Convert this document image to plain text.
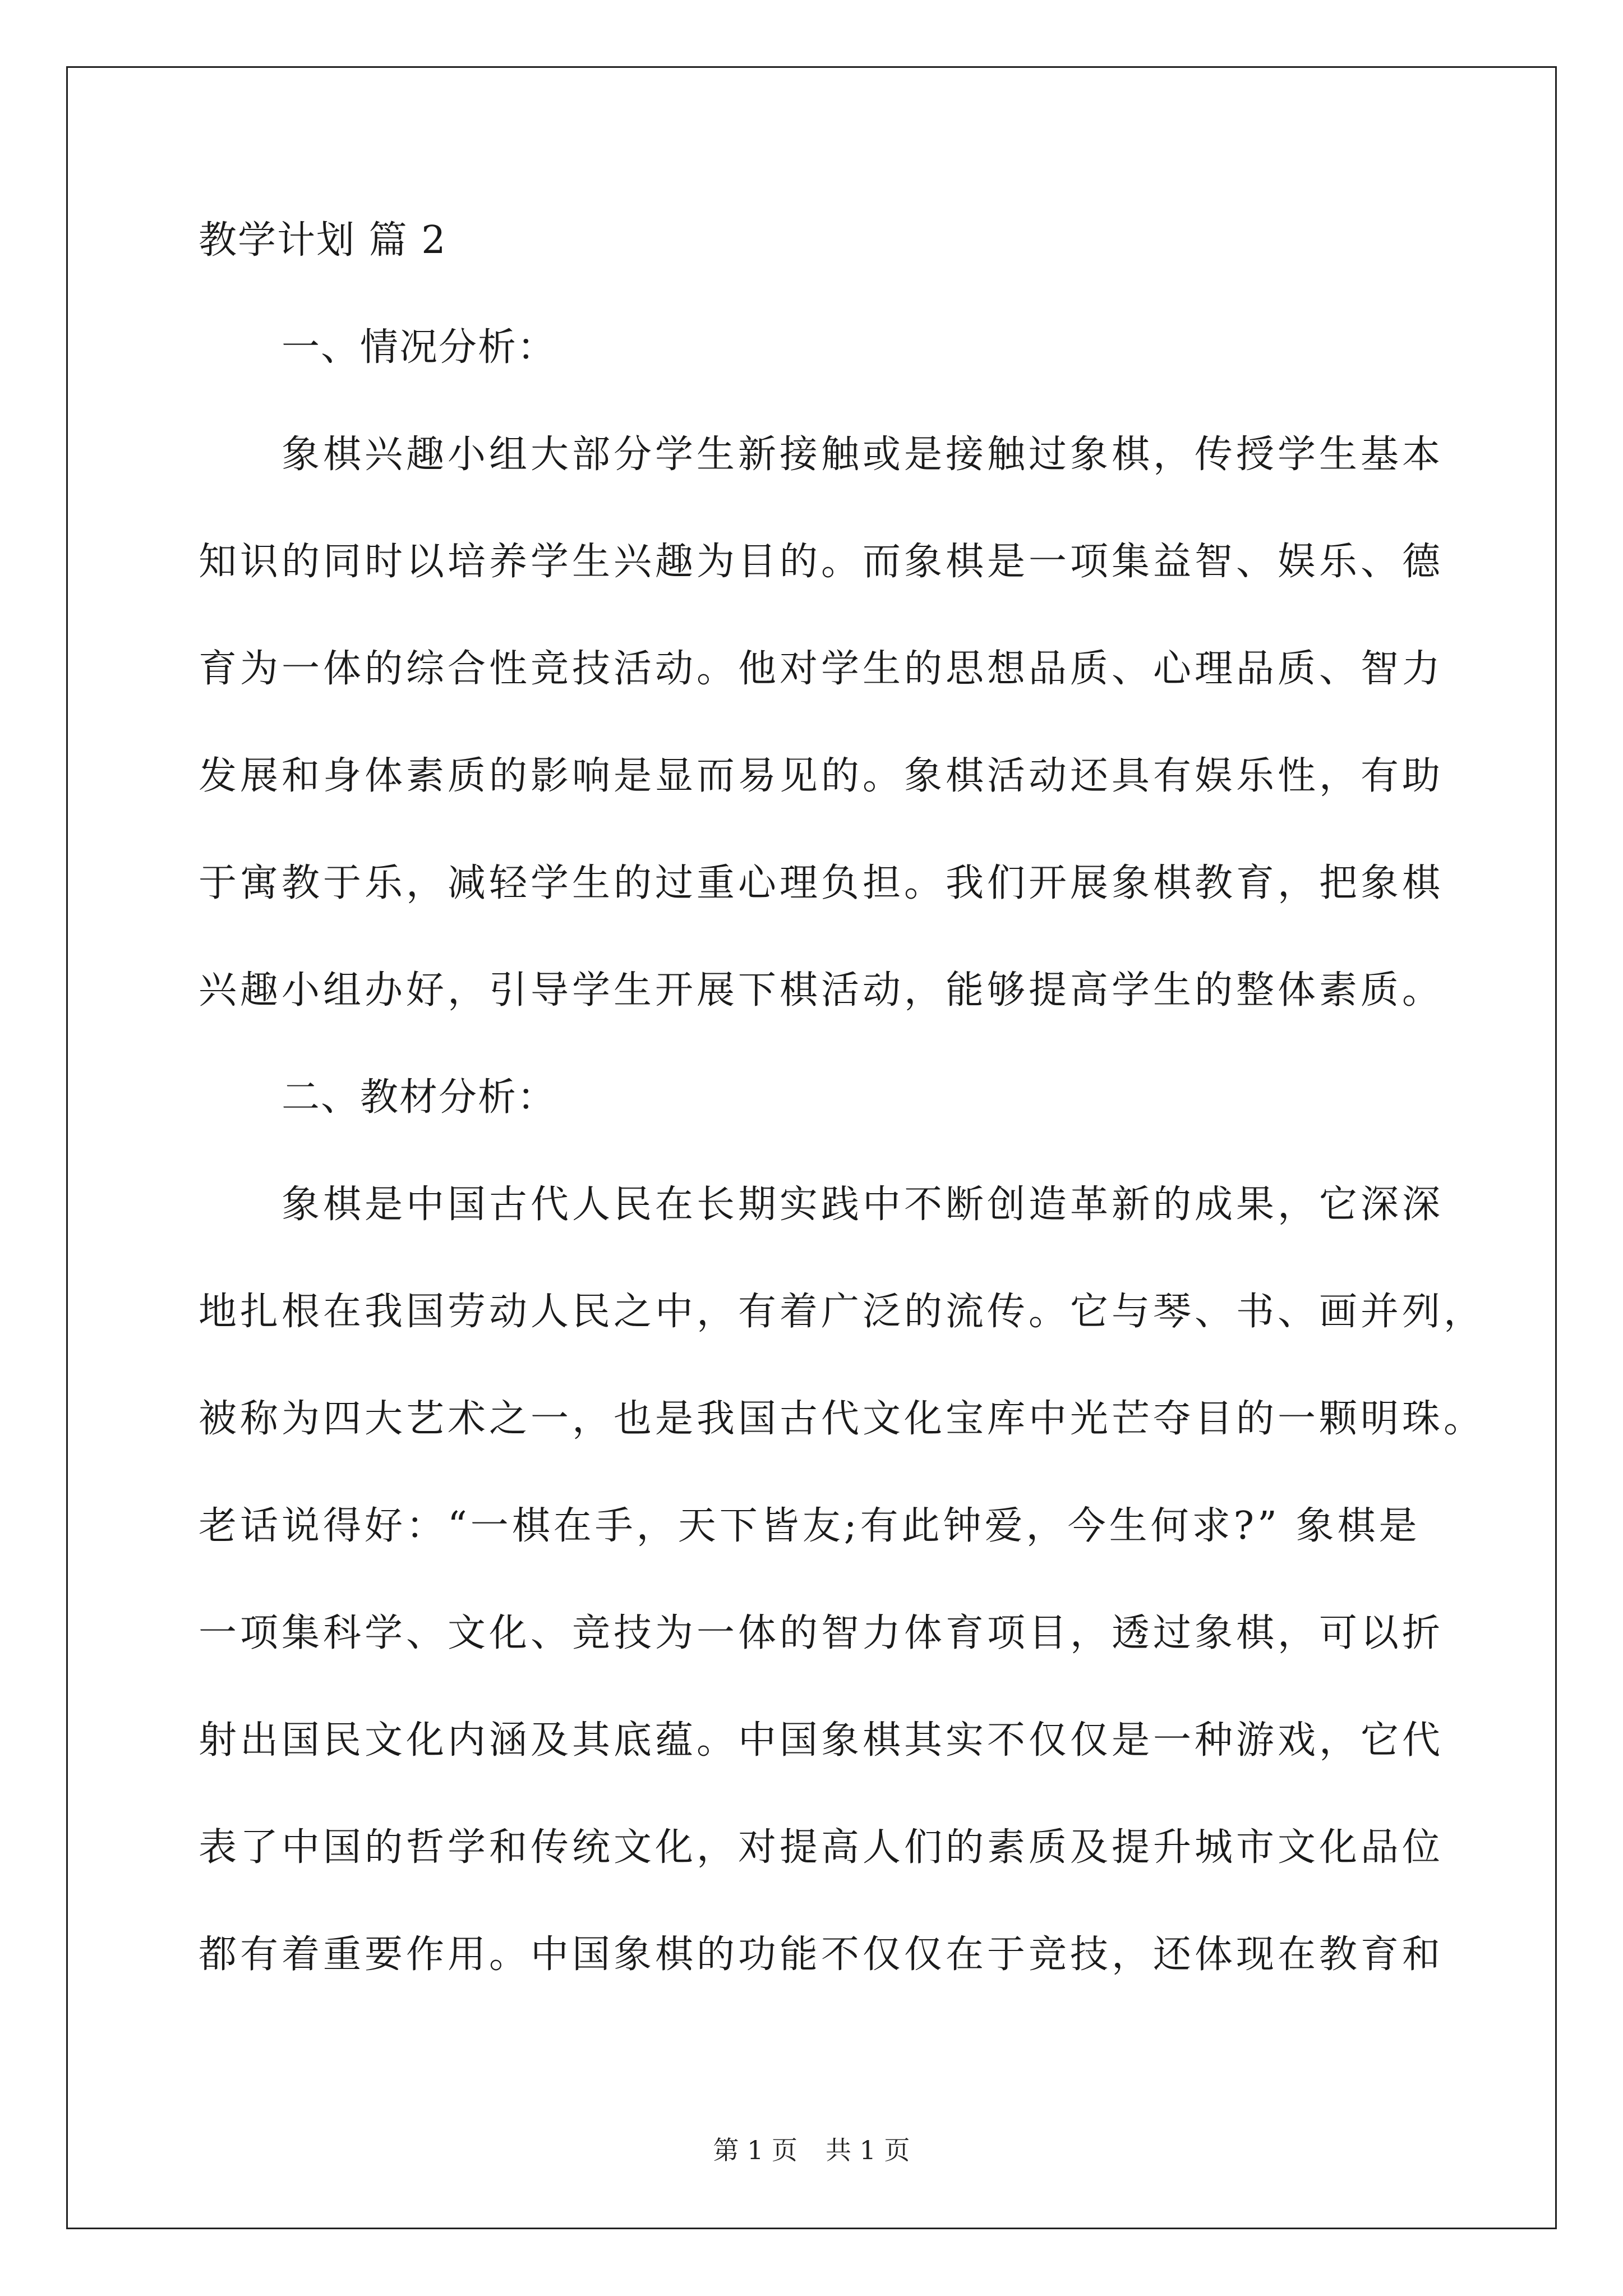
教学计划 篇 2
一、情况分析：
象棋兴趣小组大部分学生新接触或是接触过象棋，传授学生基本
知识的同时以培养学生兴趣为目的。而象棋是一项集益智、娱乐、德
育为一体的综合性竞技活动。他对学生的思想品质、心理品质、智力
发展和身体素质的影响是显而易见的。象棋活动还具有娱乐性，有助
于寓教于乐，减轻学生的过重心理负担。我们开展象棋教育，把象棋
兴趣小组办好，引导学生开展下棋活动，能够提高学生的整体素质。
二、教材分析：
象棋是中国古代人民在长期实践中不断创造革新的成果，它深深
地扎根在我国劳动人民之中，有着广泛的流传。它与琴、书、画并列，
被称为四大艺术之一，也是我国古代文化宝库中光芒夺目的一颗明珠。
老话说得好：“一棋在手，天下皆友;有此钟爱，今生何求?” 象棋是
一项集科学、文化、竞技为一体的智力体育项目，透过象棋，可以折
射出国民文化内涵及其底蕴。中国象棋其实不仅仅是一种游戏，它代
表了中国的哲学和传统文化，对提高人们的素质及提升城市文化品位
都有着重要作用。中国象棋的功能不仅仅在于竞技，还体现在教育和
第 1 页 共 1 页
